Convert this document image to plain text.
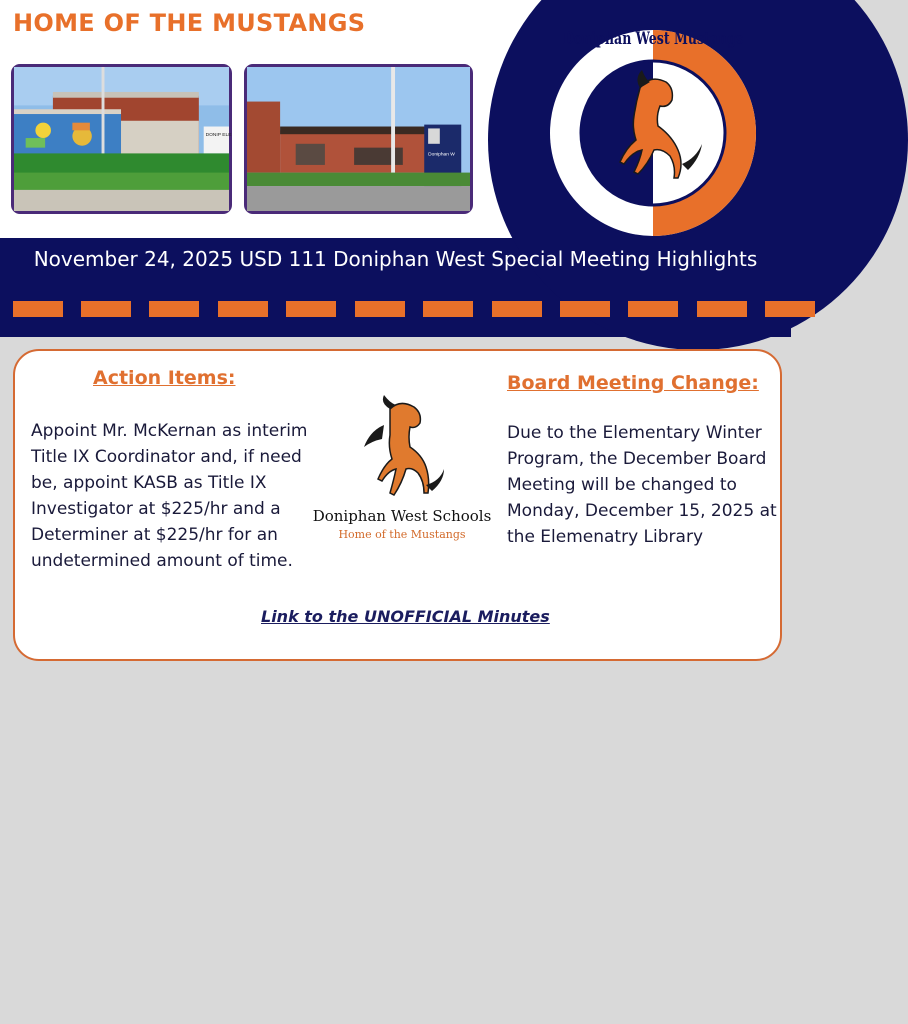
HOME OF THE MUSTANGS
DONIP ELE
Doniphan W
Doniphan West Mustangs
November 24, 2025 USD 111 Doniphan West Special Meeting Highlights
Action Items:
Appoint Mr. McKernan as interim Title IX Coordinator and, if need be, appoint KASB as Title IX Investigator at $225/hr and a Determiner at $225/hr for an undetermined amount of time.
Doniphan West Schools
Home of the Mustangs
Board Meeting Change:
Due to the Elementary Winter Program, the December Board Meeting will be changed to Monday, December 15, 2025 at the Elemenatry Library
Link to the UNOFFICIAL Minutes
